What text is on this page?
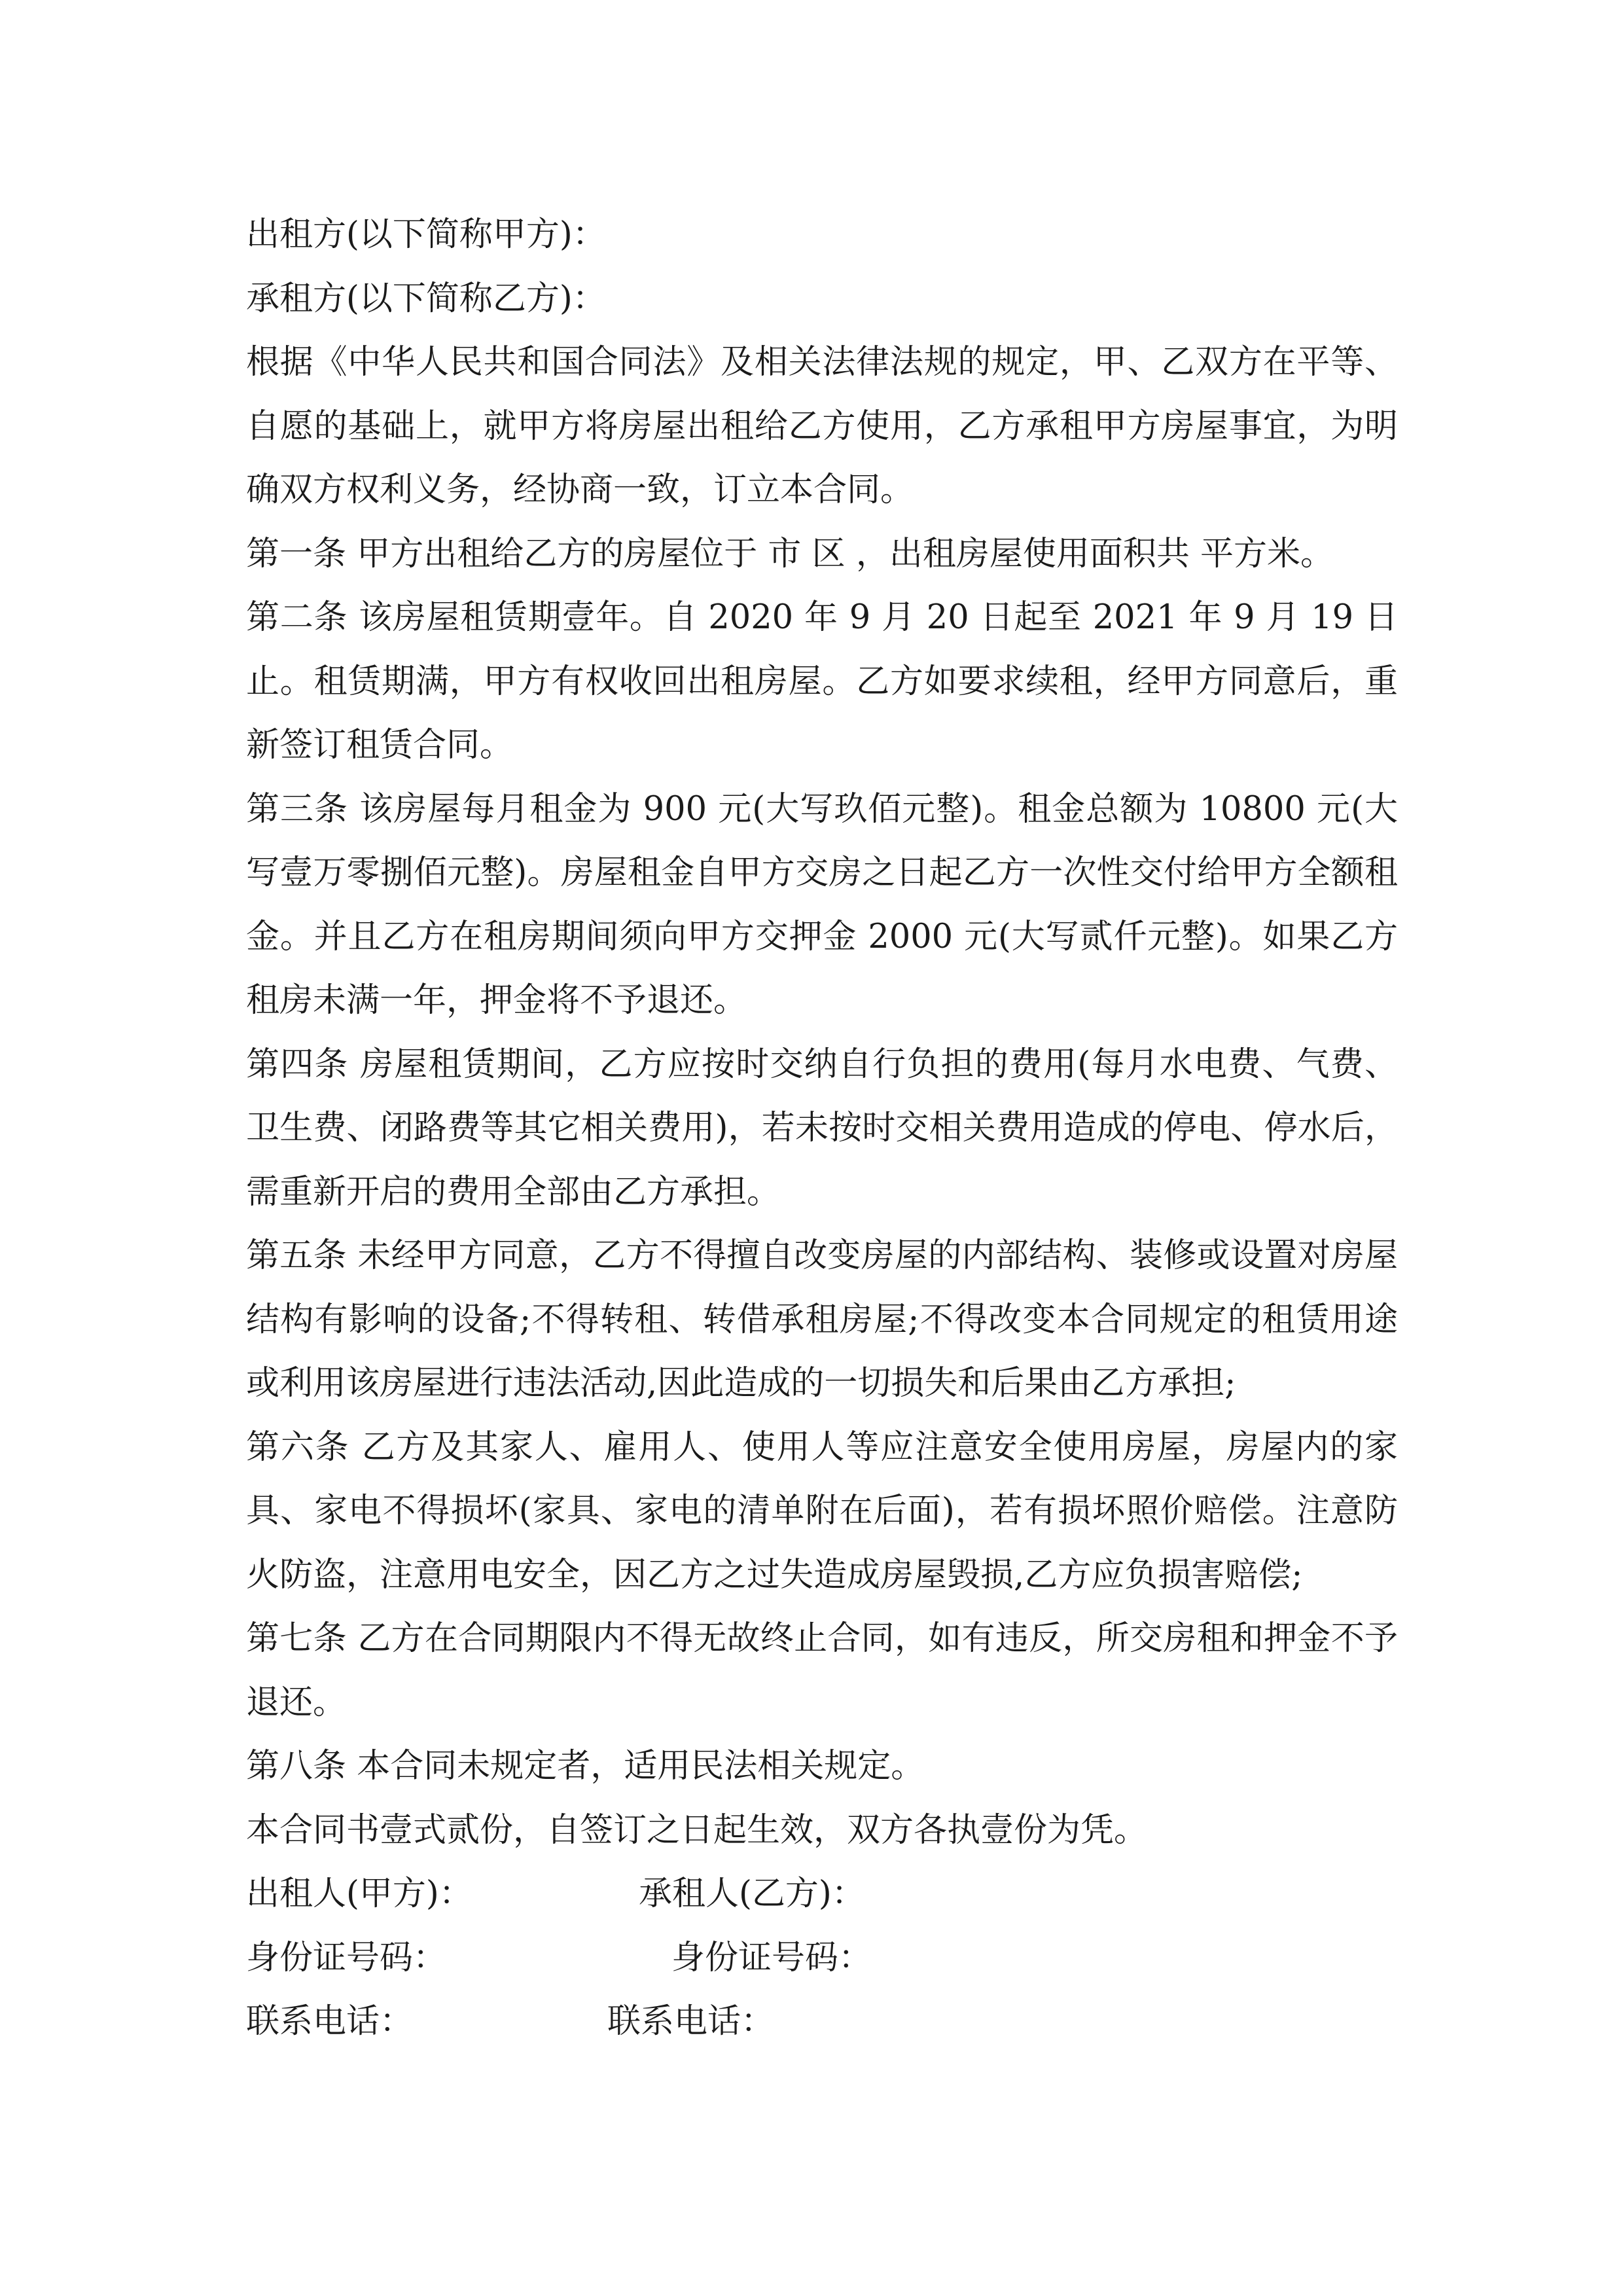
出租方(以下简称甲方)：

承租方(以下简称乙方)：

根据《中华人民共和国合同法》及相关法律法规的规定，甲、乙双方在平等、自愿的基础上，就甲方将房屋出租给乙方使用，乙方承租甲方房屋事宜，为明确双方权利义务，经协商一致，订立本合同。

第一条 甲方出租给乙方的房屋位于 市 区 ，出租房屋使用面积共 平方米。

第二条 该房屋租赁期壹年。自 2020 年 9 月 20 日起至 2021 年 9 月 19 日止。租赁期满，甲方有权收回出租房屋。乙方如要求续租，经甲方同意后，重新签订租赁合同。

第三条 该房屋每月租金为 900 元(大写玖佰元整)。租金总额为 10800 元(大写壹万零捌佰元整)。房屋租金自甲方交房之日起乙方一次性交付给甲方全额租金。并且乙方在租房期间须向甲方交押金 2000 元(大写贰仟元整)。如果乙方租房未满一年，押金将不予退还。

第四条 房屋租赁期间，乙方应按时交纳自行负担的费用(每月水电费、气费、卫生费、闭路费等其它相关费用)，若未按时交相关费用造成的停电、停水后，需重新开启的费用全部由乙方承担。

第五条 未经甲方同意，乙方不得擅自改变房屋的内部结构、装修或设置对房屋结构有影响的设备;不得转租、转借承租房屋;不得改变本合同规定的租赁用途或利用该房屋进行违法活动,因此造成的一切损失和后果由乙方承担;

第六条 乙方及其家人、雇用人、使用人等应注意安全使用房屋，房屋内的家具、家电不得损坏(家具、家电的清单附在后面)，若有损坏照价赔偿。注意防火防盗，注意用电安全，因乙方之过失造成房屋毁损,乙方应负损害赔偿;

第七条 乙方在合同期限内不得无故终止合同，如有违反，所交房租和押金不予退还。

第八条 本合同未规定者，适用民法相关规定。

本合同书壹式贰份，自签订之日起生效，双方各执壹份为凭。

出租人(甲方)：	承租人(乙方)：
身份证号码：	身份证号码：
联系电话：	联系电话：
